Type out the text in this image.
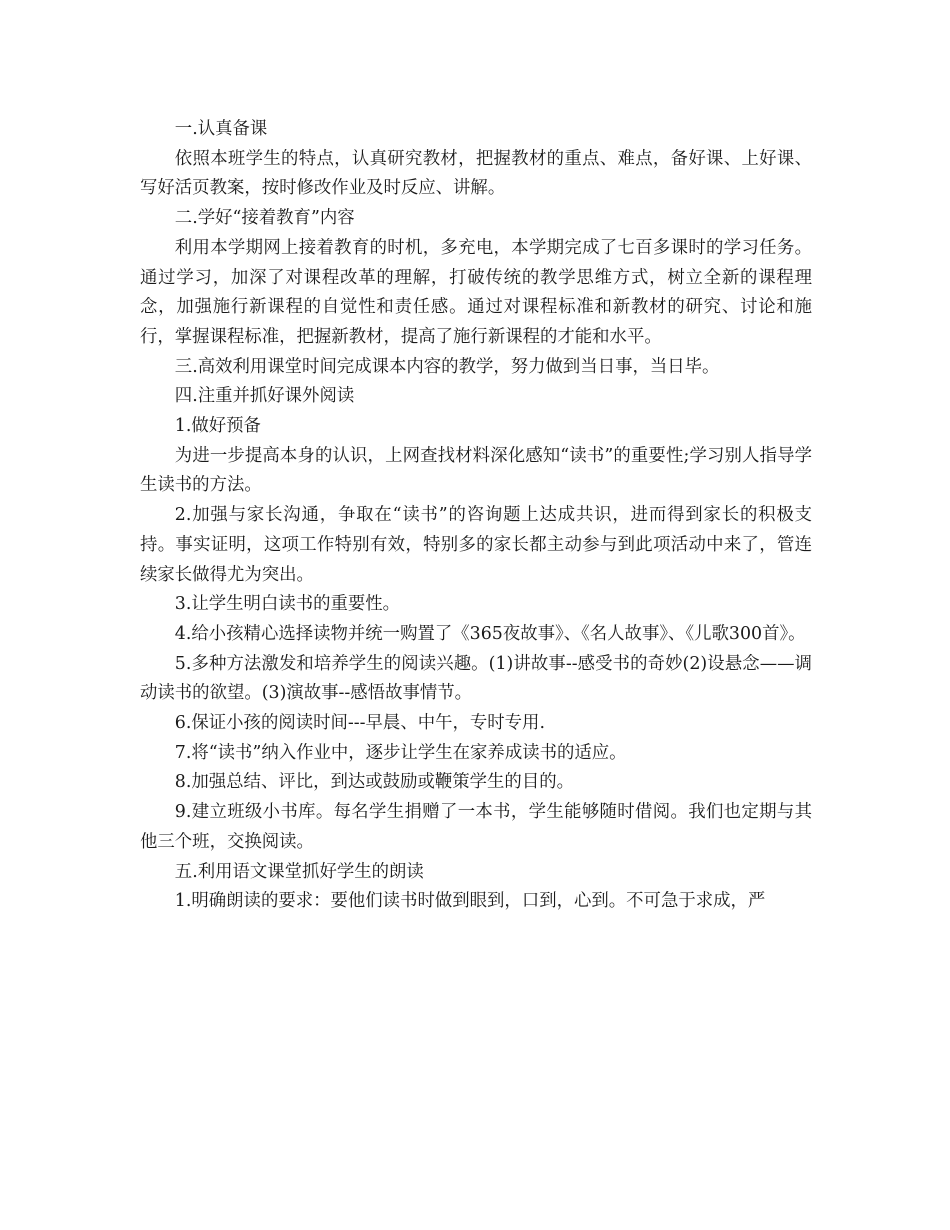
一.认真备课

依照本班学生的特点，认真研究教材，把握教材的重点、难点，备好课、上好课、写好活页教案，按时修改作业及时反应、讲解。

二.学好“接着教育”内容

利用本学期网上接着教育的时机，多充电，本学期完成了七百多课时的学习任务。通过学习，加深了对课程改革的理解，打破传统的教学思维方式，树立全新的课程理念，加强施行新课程的自觉性和责任感。通过对课程标准和新教材的研究、讨论和施行，掌握课程标准，把握新教材，提高了施行新课程的才能和水平。

三.高效利用课堂时间完成课本内容的教学，努力做到当日事，当日毕。

四.注重并抓好课外阅读

1.做好预备

为进一步提高本身的认识，上网查找材料深化感知“读书”的重要性;学习别人指导学生读书的方法。

2.加强与家长沟通，争取在“读书”的咨询题上达成共识，进而得到家长的积极支持。事实证明，这项工作特别有效，特别多的家长都主动参与到此项活动中来了，管连续家长做得尤为突出。

3.让学生明白读书的重要性。

4.给小孩精心选择读物并统一购置了《365夜故事》、《名人故事》、《儿歌300首》。

5.多种方法激发和培养学生的阅读兴趣。(1)讲故事--感受书的奇妙(2)设悬念——调动读书的欲望。(3)演故事--感悟故事情节。

6.保证小孩的阅读时间---早晨、中午，专时专用.

7.将“读书”纳入作业中，逐步让学生在家养成读书的适应。

8.加强总结、评比，到达或鼓励或鞭策学生的目的。

9.建立班级小书库。每名学生捐赠了一本书，学生能够随时借阅。我们也定期与其他三个班，交换阅读。

五.利用语文课堂抓好学生的朗读

1.明确朗读的要求：要他们读书时做到眼到，口到，心到。不可急于求成，严
